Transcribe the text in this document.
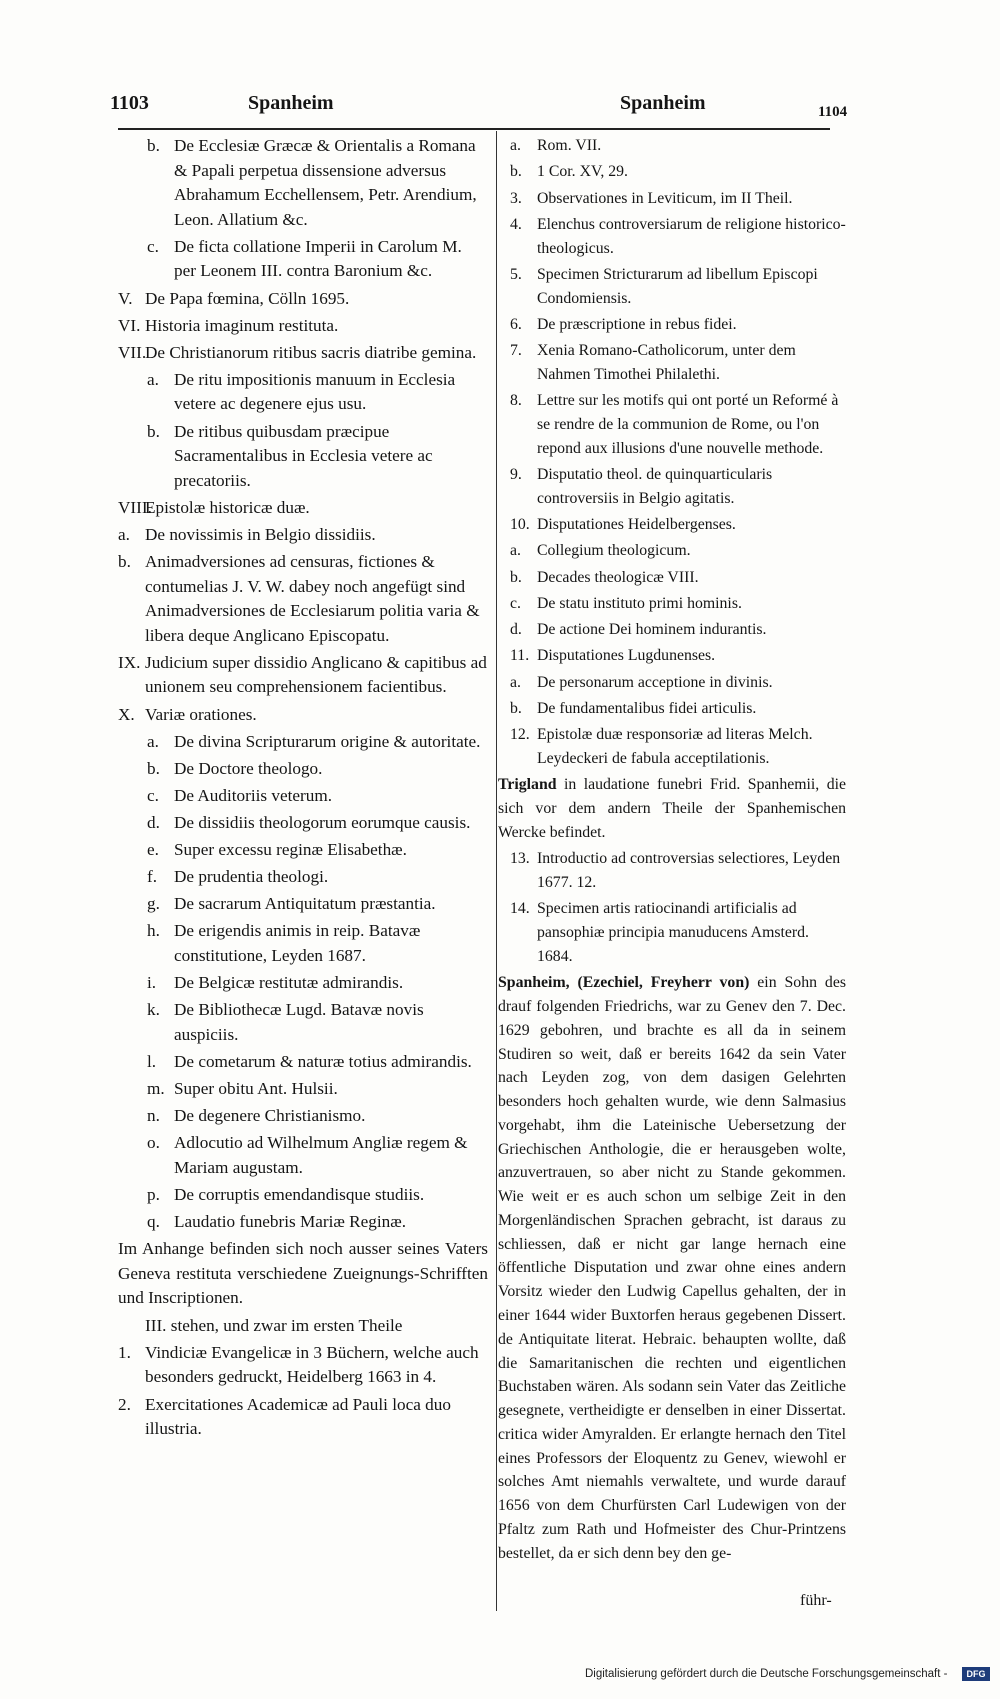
1103	Spanheim	Spanheim	1104
b. De Ecclesiæ Græcæ & Orientalis a Romana & Papali perpetua dissensione adversus Abrahamum Ecchellensem, Petr. Arendium, Leon. Allatium &c.
c. De ficta collatione Imperii in Carolum M. per Leonem III. contra Baronium &c.
V. De Papa fœmina, Cölln 1695.
VI. Historia imaginum restituta.
VII.
De Christianorum ritibus sacris diatribe gemina.
a. De ritu impositionis manuum in Ecclesia vetere ac degenere ejus usu.
b. De ritibus quibusdam præcipue Sacramentalibus in Ecclesia vetere ac precatoriis.
VIII.
Epistolæ historicæ duæ.
a. De novissimis in Belgio dissidiis.
b. Animadversiones ad censuras, fictiones & contumelias J. V. W. dabey noch angefügt sind Animadversiones de Ecclesiarum politia varia & libera deque Anglicano Episcopatu.
IX. Judicium super dissidio Anglicano & capitibus ad unionem seu comprehensionem facientibus.
X. Variæ orationes.
a. De divina Scripturarum origine & autoritate.
b. De Doctore theologo.
c. De Auditoriis veterum.
d. De dissidiis theologorum eorumque causis.
e. Super excessu reginæ Elisabethæ.
f. De prudentia theologi.
g. De sacrarum Antiquitatum præstantia.
h. De erigendis animis in reip. Batavæ constitutione, Leyden 1687.
i. De Belgicæ restitutæ admirandis.
k. De Bibliothecæ Lugd. Batavæ novis auspiciis.
l. De cometarum & naturæ totius admirandis.
m. Super obitu Ant. Hulsii.
n. De degenere Christianismo.
o. Adlocutio ad Wilhelmum Angliæ regem & Mariam augustam.
p. De corruptis emendandisque studiis.
q. Laudatio funebris Mariæ Reginæ.
Im Anhange befinden sich noch ausser seines Vaters Geneva restituta verschiedene Zueignungs-Schrifften und Inscriptionen.
III. stehen, und zwar im ersten Theile
1. Vindiciæ Evangelicæ in 3 Büchern, welche auch besonders gedruckt, Heidelberg 1663 in 4.
2. Exercitationes Academicæ ad Pauli loca duo illustria.
a. Rom. VII.
b. 1 Cor. XV, 29.
3. Observationes in Leviticum, im II Theil.
4. Elenchus controversiarum de religione historico-theologicus.
5. Specimen Stricturarum ad libellum Episcopi Condomiensis.
6. De præscriptione in rebus fidei.
7. Xenia Romano-Catholicorum, unter dem Nahmen Timothei Philalethi.
8. Lettre sur les motifs qui ont porté un Reformé à se rendre de la communion de Rome, ou l'on repond aux illusions d'une nouvelle methode.
9. Disputatio theol. de quinquarticularis controversiis in Belgio agitatis.
10. Disputationes Heidelbergenses.
a. Collegium theologicum.
b. Decades theologicæ VIII.
c. De statu instituto primi hominis.
d. De actione Dei hominem indurantis.
11. Disputationes Lugdunenses.
a. De personarum acceptione in divinis.
b. De fundamentalibus fidei articulis.
12. Epistolæ duæ responsoriæ ad literas Melch. Leydeckeri de fabula acceptilationis.
Trigland in laudatione funebri Frid. Spanhemii, die sich vor dem andern Theile der Spanhemischen Wercke befindet.
13. Introductio ad controversias selectiores, Leyden 1677. 12.
14. Specimen artis ratiocinandi artificialis ad pansophiæ principia manuducens Amsterd. 1684.
Spanheim, (Ezechiel, Freyherr von) ein Sohn des drauf folgenden Friedrichs, war zu Genev den 7. Dec. 1629 gebohren, und brachte es all da in seinem Studiren so weit, daß er bereits 1642 da sein Vater nach Leyden zog, von dem dasigen Gelehrten besonders hoch gehalten wurde, wie denn Salmasius vorgehabt, ihm die Lateinische Uebersetzung der Griechischen Anthologie, die er herausgeben wolte, anzuvertrauen, so aber nicht zu Stande gekommen. Wie weit er es auch schon um selbige Zeit in den Morgenländischen Sprachen gebracht, ist daraus zu schliessen, daß er nicht gar lange hernach eine öffentliche Disputation und zwar ohne eines andern Vorsitz wieder den Ludwig Capellus gehalten, der in einer 1644 wider Buxtorfen heraus gegebenen Dissert. de Antiquitate literat. Hebraic. behaupten wollte, daß die Samaritanischen die rechten und eigentlichen Buchstaben wären. Als sodann sein Vater das Zeitliche gesegnete, vertheidigte er denselben in einer Dissertat. critica wider Amyralden. Er erlangte hernach den Titel eines Professors der Eloquentz zu Genev, wiewohl er solches Amt niemahls verwaltete, und wurde darauf 1656 von dem Churfürsten Carl Ludewigen von der Pfaltz zum Rath und Hofmeister des Chur-Printzens bestellet, da er sich denn bey den ge-
führ-
Digitalisierung gefördert durch die Deutsche Forschungsgemeinschaft -	DFG
